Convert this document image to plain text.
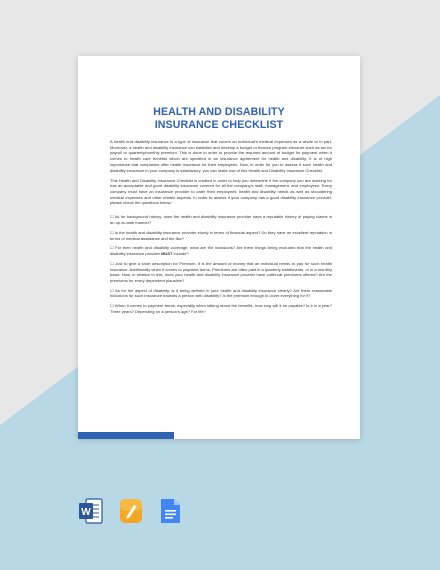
HEALTH AND DISABILITY
INSURANCE CHECKLIST

A health and disability insurance is a type of insurance that covers an individual’s medical expenses as a whole or in part. Moreover, a health and disability insurance can establish and develop a budget or finance program structure such as tax for payroll or quarterly/monthly premium. This is done in order to provide the required amount of budget for payment when it comes to health care benefits which are specified in an insurance agreement for health and disability. It is of high importance that companies offer health insurance for their employees. Now, in order for you to assess if such health and disability insurance in your company is satisfactory, you can make use of this Health and Disability Insurance Checklist.

This Health and Disability Insurance Checklist is created in order to help you determine if the company you are working for has an acceptable and good disability insurance covered for all the company’s staff, management, and employees. Every company must have an insurance provider to cater their employees’ health and disability needs as well as shouldering medical expenses and other related aspects. In order to assess if your company has a good disability insurance provider, please check the questions below:

☐ As for background history, does the health and disability insurance provider have a reputable history of paying claims in an up-to-date manner?

☐ Is the health and disability insurance provider sturdy in terms of financial aspect? Do they have an excellent reputation in terms of medical assistance and the like?

☐ For their health and disability coverage, what are the inclusions? Are there things being excluded that the health and disability insurance provider MUST include?

☐ Just to give a short description for Premium, it is the amount of money that an individual needs to pay for such health insurance. Additionally when it comes to payment terms, Premiums are often paid in a quarterly installments, or in a monthly basis. Now, in relation to this, does your health and disability insurance provider have cutthroat premiums offered? Are the premiums for every dependent plausible?

☐ As for the aspect of disability, is it being defined in your health and disability insurance clearly? Are there reasonable inclusions for such insurance towards a person with disability? Is the premium enough to cover everything for it?

☐ When it comes to payment terms, especially when talking about the benefits, how long will it be payable? Is it in a year? Three years? Depending on a person’s age? For life?

W
